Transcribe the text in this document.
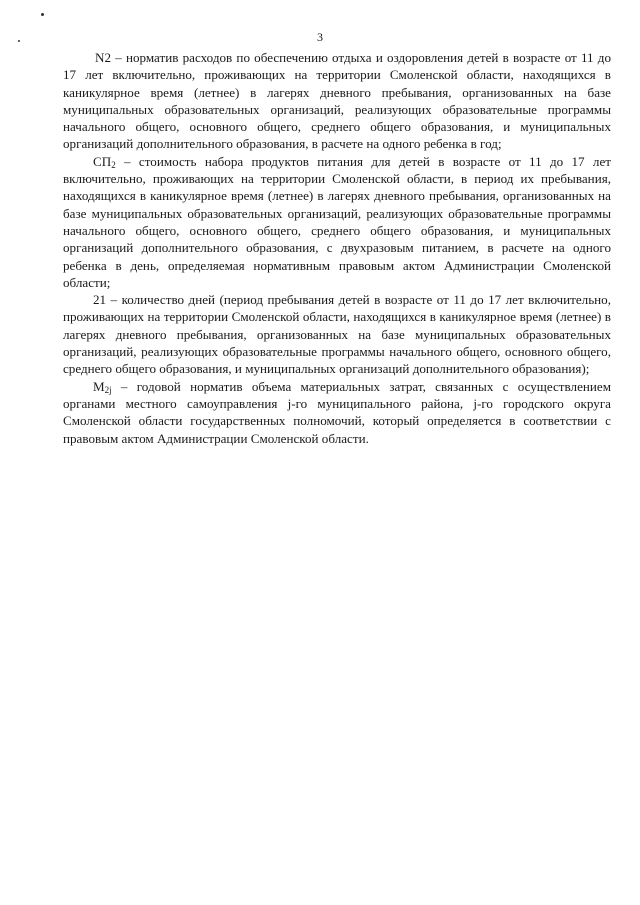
3

N2 – норматив расходов по обеспечению отдыха и оздоровления детей в возрасте от 11 до 17 лет включительно, проживающих на территории Смоленской области, находящихся в каникулярное время (летнее) в лагерях дневного пребывания, организованных на базе муниципальных образовательных организаций, реализующих образовательные программы начального общего, основного общего, среднего общего образования, и муниципальных организаций дополнительного образования, в расчете на одного ребенка в год;

$СП_2$ – стоимость набора продуктов питания для детей в возрасте от 11 до 17 лет включительно, проживающих на территории Смоленской области, в период их пребывания, находящихся в каникулярное время (летнее) в лагерях дневного пребывания, организованных на базе муниципальных образовательных организаций, реализующих образовательные программы начального общего, основного общего, среднего общего образования, и муниципальных организаций дополнительного образования, с двухразовым питанием, в расчете на одного ребенка в день, определяемая нормативным правовым актом Администрации Смоленской области;

21 – количество дней (период пребывания детей в возрасте от 11 до 17 лет включительно, проживающих на территории Смоленской области, находящихся в каникулярное время (летнее) в лагерях дневного пребывания, организованных на базе муниципальных образовательных организаций, реализующих образовательные программы начального общего, основного общего, среднего общего образования, и муниципальных организаций дополнительного образования);

$М_{2j}$ – годовой норматив объема материальных затрат, связанных с осуществлением органами местного самоуправления j-го муниципального района, j-го городского округа Смоленской области государственных полномочий, который определяется в соответствии с правовым актом Администрации Смоленской области.
